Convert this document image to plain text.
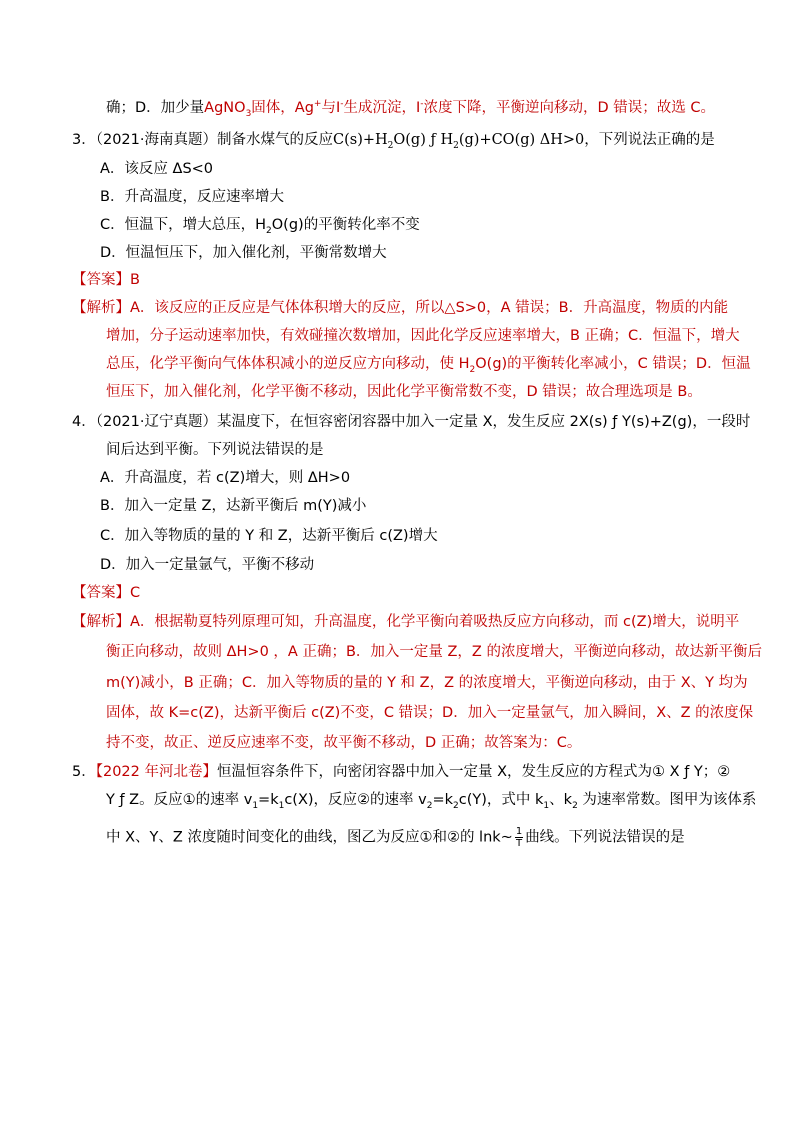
确；D．加少量AgNO$_3$固体，Ag+与I-生成沉淀，I-浓度下降，平衡逆向移动，D 错误；故选 C。
3．（2021·海南真题）制备水煤气的反应$C(s)+H_2O(g)$ ƒ $H_2(g)+CO(g)$ ΔH>0，下列说法正确的是
A．该反应 ΔS<0
B．升高温度，反应速率增大
C．恒温下，增大总压，$H_2O(g)$的平衡转化率不变
D．恒温恒压下，加入催化剂，平衡常数增大
【答案】B
【解析】A．该反应的正反应是气体体积增大的反应，所以△S>0，A 错误；B．升高温度，物质的内能
增加，分子运动速率加快，有效碰撞次数增加，因此化学反应速率增大，B 正确；C．恒温下，增大
总压，化学平衡向气体体积减小的逆反应方向移动，使 $H_2O(g)$的平衡转化率减小，C 错误；D．恒温
恒压下，加入催化剂，化学平衡不移动，因此化学平衡常数不变，D 错误；故合理选项是 B。
4．（2021·辽宁真题）某温度下，在恒容密闭容器中加入一定量 X，发生反应 2X(s) ƒ Y(s)+Z(g)，一段时
间后达到平衡。下列说法错误的是
A．升高温度，若 c(Z)增大，则 ΔH>0
B．加入一定量 Z，达新平衡后 m(Y)减小
C．加入等物质的量的 Y 和 Z，达新平衡后 c(Z)增大
D．加入一定量氩气，平衡不移动
【答案】C
【解析】A．根据勒夏特列原理可知，升高温度，化学平衡向着吸热反应方向移动，而 c(Z)增大，说明平
衡正向移动，故则 ΔH>0 ，A 正确；B．加入一定量 Z，Z 的浓度增大，平衡逆向移动，故达新平衡后
m(Y)减小，B 正确；C．加入等物质的量的 Y 和 Z，Z 的浓度增大，平衡逆向移动，由于 X、Y 均为
固体，故 K=c(Z)，达新平衡后 c(Z)不变，C 错误；D．加入一定量氩气，加入瞬间，X、Z 的浓度保
持不变，故正、逆反应速率不变，故平衡不移动，D 正确；故答案为：C。
5．【2022 年河北卷】恒温恒容条件下，向密闭容器中加入一定量 X，发生反应的方程式为① X ƒ Y；②
Y ƒ Z。反应①的速率 $v_1=k_1c(X)$，反应②的速率 $v_2=k_2c(Y)$，式中 $k_1$、$k_2$ 为速率常数。图甲为该体系
中 X、Y、Z 浓度随时间变化的曲线，图乙为反应①和②的 lnk~ $\frac{1}{T}$ 曲线。下列说法错误的是
